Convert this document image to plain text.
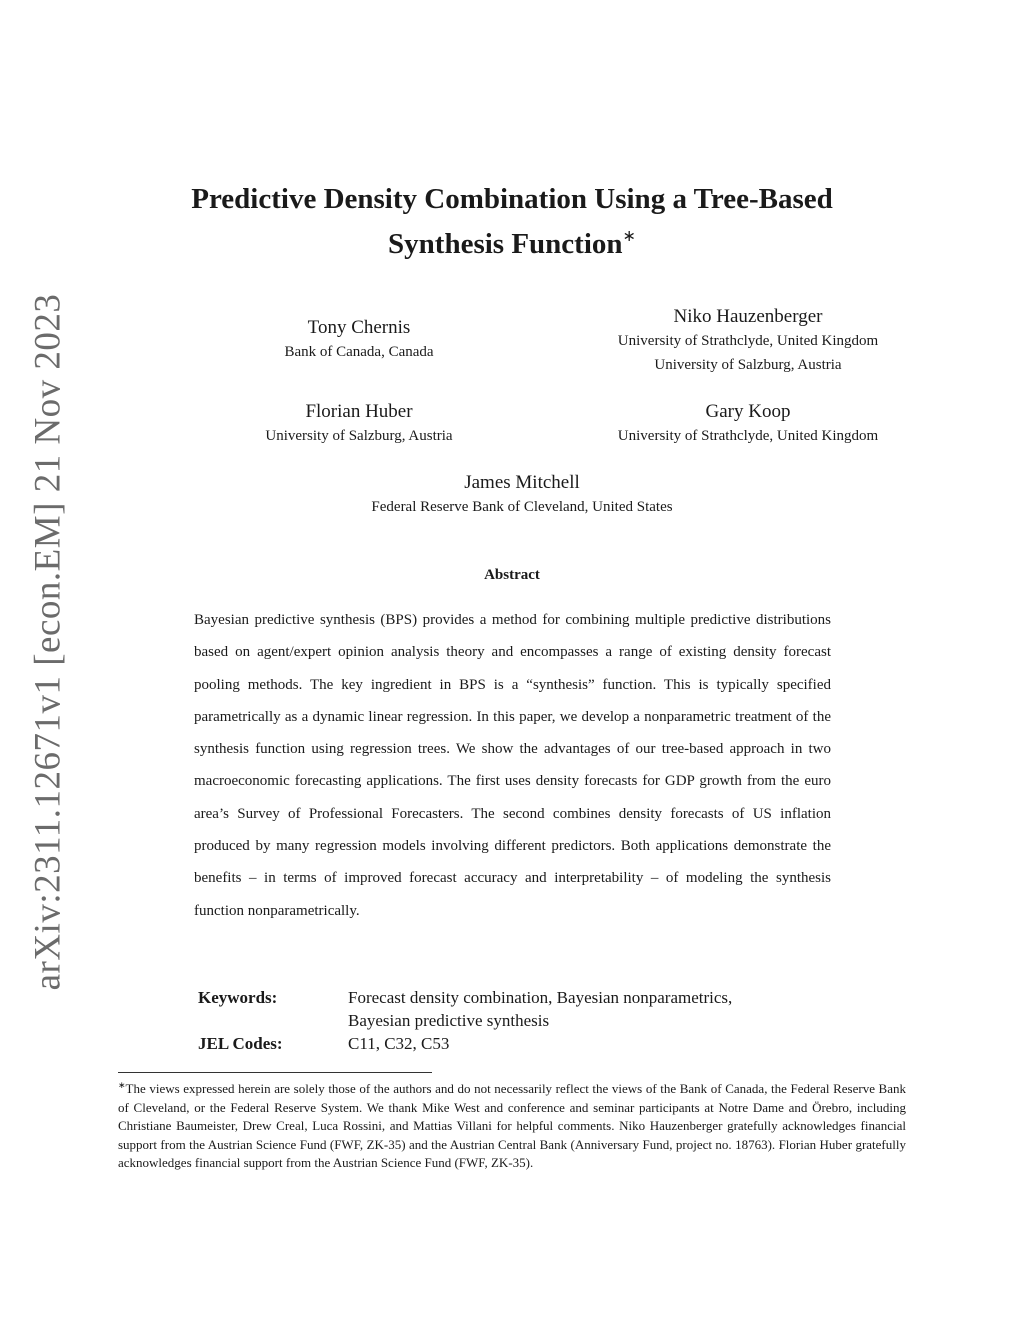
arXiv:2311.12671v1 [econ.EM] 21 Nov 2023
Predictive Density Combination Using a Tree-Based
Synthesis Function∗
Tony Chernis
Bank of Canada, Canada
Niko Hauzenberger
University of Strathclyde, United Kingdom
University of Salzburg, Austria
Florian Huber
University of Salzburg, Austria
Gary Koop
University of Strathclyde, United Kingdom
James Mitchell
Federal Reserve Bank of Cleveland, United States
Abstract
Bayesian predictive synthesis (BPS) provides a method for combining multiple predictive distributions based on agent/expert opinion analysis theory and encompasses a range of existing density forecast pooling methods. The key ingredient in BPS is a “synthesis” function. This is typically specified parametrically as a dynamic linear regression. In this paper, we develop a nonparametric treatment of the synthesis function using regression trees. We show the advantages of our tree-based approach in two macroeconomic forecasting applications. The first uses density forecasts for GDP growth from the euro area’s Survey of Professional Forecasters. The second combines density forecasts of US inflation produced by many regression models involving different predictors. Both applications demonstrate the benefits – in terms of improved forecast accuracy and interpretability – of modeling the synthesis function nonparametrically.
Keywords:	Forecast density combination, Bayesian nonparametrics, Bayesian predictive synthesis
JEL Codes:	C11, C32, C53
∗The views expressed herein are solely those of the authors and do not necessarily reflect the views of the Bank of Canada, the Federal Reserve Bank of Cleveland, or the Federal Reserve System. We thank Mike West and conference and seminar participants at Notre Dame and Örebro, including Christiane Baumeister, Drew Creal, Luca Rossini, and Mattias Villani for helpful comments. Niko Hauzenberger gratefully acknowledges financial support from the Austrian Science Fund (FWF, ZK-35) and the Austrian Central Bank (Anniversary Fund, project no. 18763). Florian Huber gratefully acknowledges financial support from the Austrian Science Fund (FWF, ZK-35).
